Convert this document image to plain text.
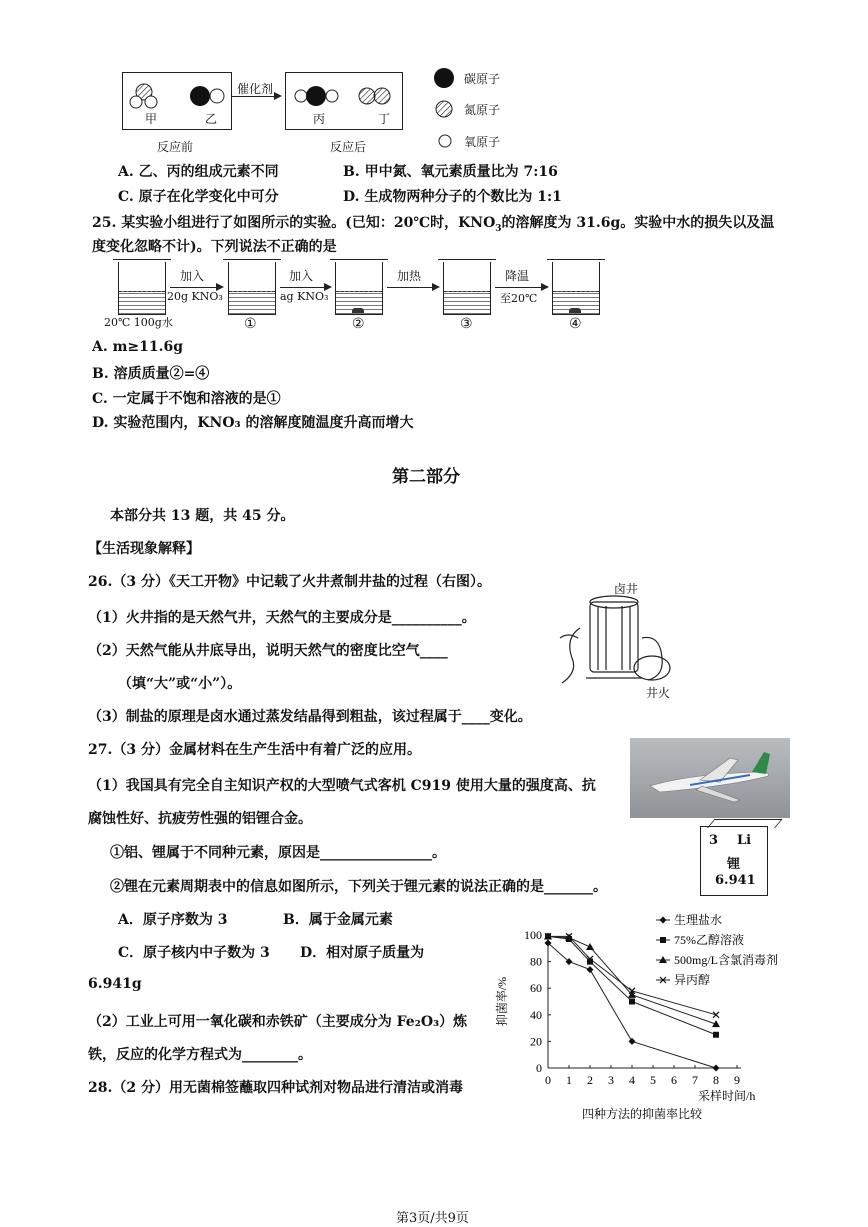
甲	乙
催化剂
丙	丁
反应前	反应后
碳原子
氮原子
氧原子
A. 乙、丙的组成元素不同	B. 甲中氮、氧元素质量比为 7:16
C. 原子在化学变化中可分	D. 生成物两种分子的个数比为 1:1
25. 某实验小组进行了如图所示的实验。(已知：20℃时，$KNO_3$的溶解度为 31.6g。实验中水的损失以及温
度变化忽略不计)。下列说法不正确的是
加入
20g KNO₃
加入
ag KNO₃
加热	降温
至20℃
20℃ 100g水	①	②	③	④
A. m≥11.6g
B. 溶质质量②=④
C. 一定属于不饱和溶液的是①
D. 实验范围内，KNO₃ 的溶解度随温度升高而增大
第二部分
本部分共 13 题，共 45 分。
【生活现象解释】
26.（3 分）《天工开物》中记载了火井煮制井盐的过程（右图）。
（1）火井指的是天然气井，天然气的主要成分是__________。
（2）天然气能从井底导出，说明天然气的密度比空气____
（填“大”或“小”）。
（3）制盐的原理是卤水通过蒸发结晶得到粗盐，该过程属于____变化。
卤井
井火
27.（3 分）金属材料在生产生活中有着广泛的应用。
（1）我国具有完全自主知识产权的大型喷气式客机 C919 使用大量的强度高、抗
腐蚀性好、抗疲劳性强的铝锂合金。
3 Li
锂
6.941
①铝、锂属于不同种元素，原因是________________。
②锂在元素周期表中的信息如图所示，下列关于锂元素的说法正确的是_______。
A．原子序数为 3	B．属于金属元素
C．原子核内中子数为 3 D．相对原子质量为
6.941g
（2）工业上可用一氧化碳和赤铁矿（主要成分为 Fe₂O₃）炼
铁，反应的化学方程式为________。
28.（2 分）用无菌棉签蘸取四种试剂对物品进行清洁或消毒	0 1 2 3 4 5 6 7 8 9
0
20
40
60
80
100
抑菌率/%
采样时间/h
四种方法的抑菌率比较
生理盐水
75%乙醇溶液
500mg/L含氯消毒剂
异丙醇
第3页/共9页
